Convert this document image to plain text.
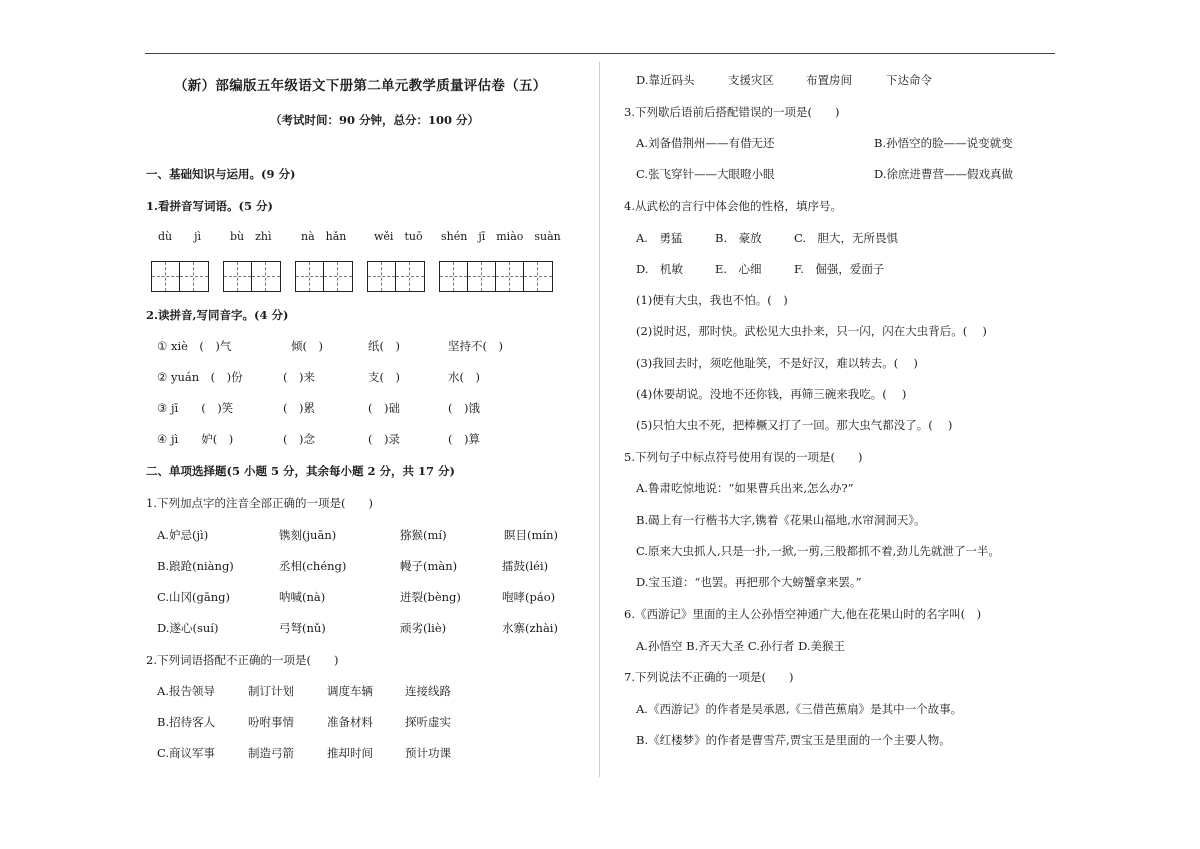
（新）部编版五年级语文下册第二单元教学质量评估卷（五）
（考试时间：90 分钟，总分：100 分）
一、基础知识与运用。(9 分)
1.看拼音写词语。(5 分)
dù　　jì	bù　zhì	nà　hǎn	wěi　tuō shén　jī　miào　suàn
2.读拼音,写同音字。(4 分)
① xiè　(　)气	倾(　)	纸(　)	坚持不(　)
② yuán　(　)份	(　)来	支(　)	水(　)
③ jī　　(　)笑	(　)累	(　)础	(　)饿
④ jì　　妒(　)	(　)念	(　)录	(　)算
二、单项选择题(5 小题 5 分，其余每小题 2 分，共 17 分)
1.下列加点字的注音全部正确的一项是(　　)
A.妒忌(jì)	镌刻(juān)	猕猴(mí)	瞑目(mín)
B.踉跄(niàng)	丞相(chéng)	幔子(màn)	擂鼓(léi)
C.山冈(gāng)	呐喊(nà)	迸裂(bèng)	咆哮(páo)
D.遂心(suí)	弓弩(nǔ)	顽劣(liè)	水寨(zhài)
2.下列词语搭配不正确的一项是(　　)
A.报告领导	制订计划	调度车辆	连接线路
B.招待客人	吩咐事情	准备材料	探听虚实
C.商议军事	制造弓箭	推却时间	预计功课
D.靠近码头	支援灾区	布置房间	下达命令
3.下列歇后语前后搭配错误的一项是(　　)
A.刘备借荆州——有借无还	B.孙悟空的脸——说变就变
C.张飞穿针——大眼瞪小眼	D.徐庶进曹营——假戏真做
4.从武松的言行中体会他的性格，填序号。
A.　勇猛	B.　豪放	C.　胆大，无所畏惧
D.　机敏	E.　心细	F.　倔强，爱面子
(1)便有大虫，我也不怕。(　)
(2)说时迟，那时快。武松见大虫扑来，只一闪，闪在大虫背后。(　 )
(3)我回去时，须吃他耻笑，不是好汉，难以转去。(　 )
(4)休要胡说。没地不还你钱，再筛三碗来我吃。(　 )
(5)只怕大虫不死，把棒橛又打了一回。那大虫气都没了。(　 )
5.下列句子中标点符号使用有误的一项是(　　)
A.鲁肃吃惊地说：“如果曹兵出来,怎么办?”
B.碣上有一行楷书大字,镌着《花果山福地,水帘洞洞天》。
C.原来大虫抓人,只是一扑,一掀,一剪,三般都抓不着,劲儿先就泄了一半。
D.宝玉道：“也罢。再把那个大螃蟹拿来罢。”
6.《西游记》里面的主人公孙悟空神通广大,他在花果山时的名字叫(　)
A.孙悟空 B.齐天大圣 C.孙行者 D.美猴王
7.下列说法不正确的一项是(　　)
A.《西游记》的作者是吴承恩,《三借芭蕉扇》是其中一个故事。
B.《红楼梦》的作者是曹雪芹,贾宝玉是里面的一个主要人物。
